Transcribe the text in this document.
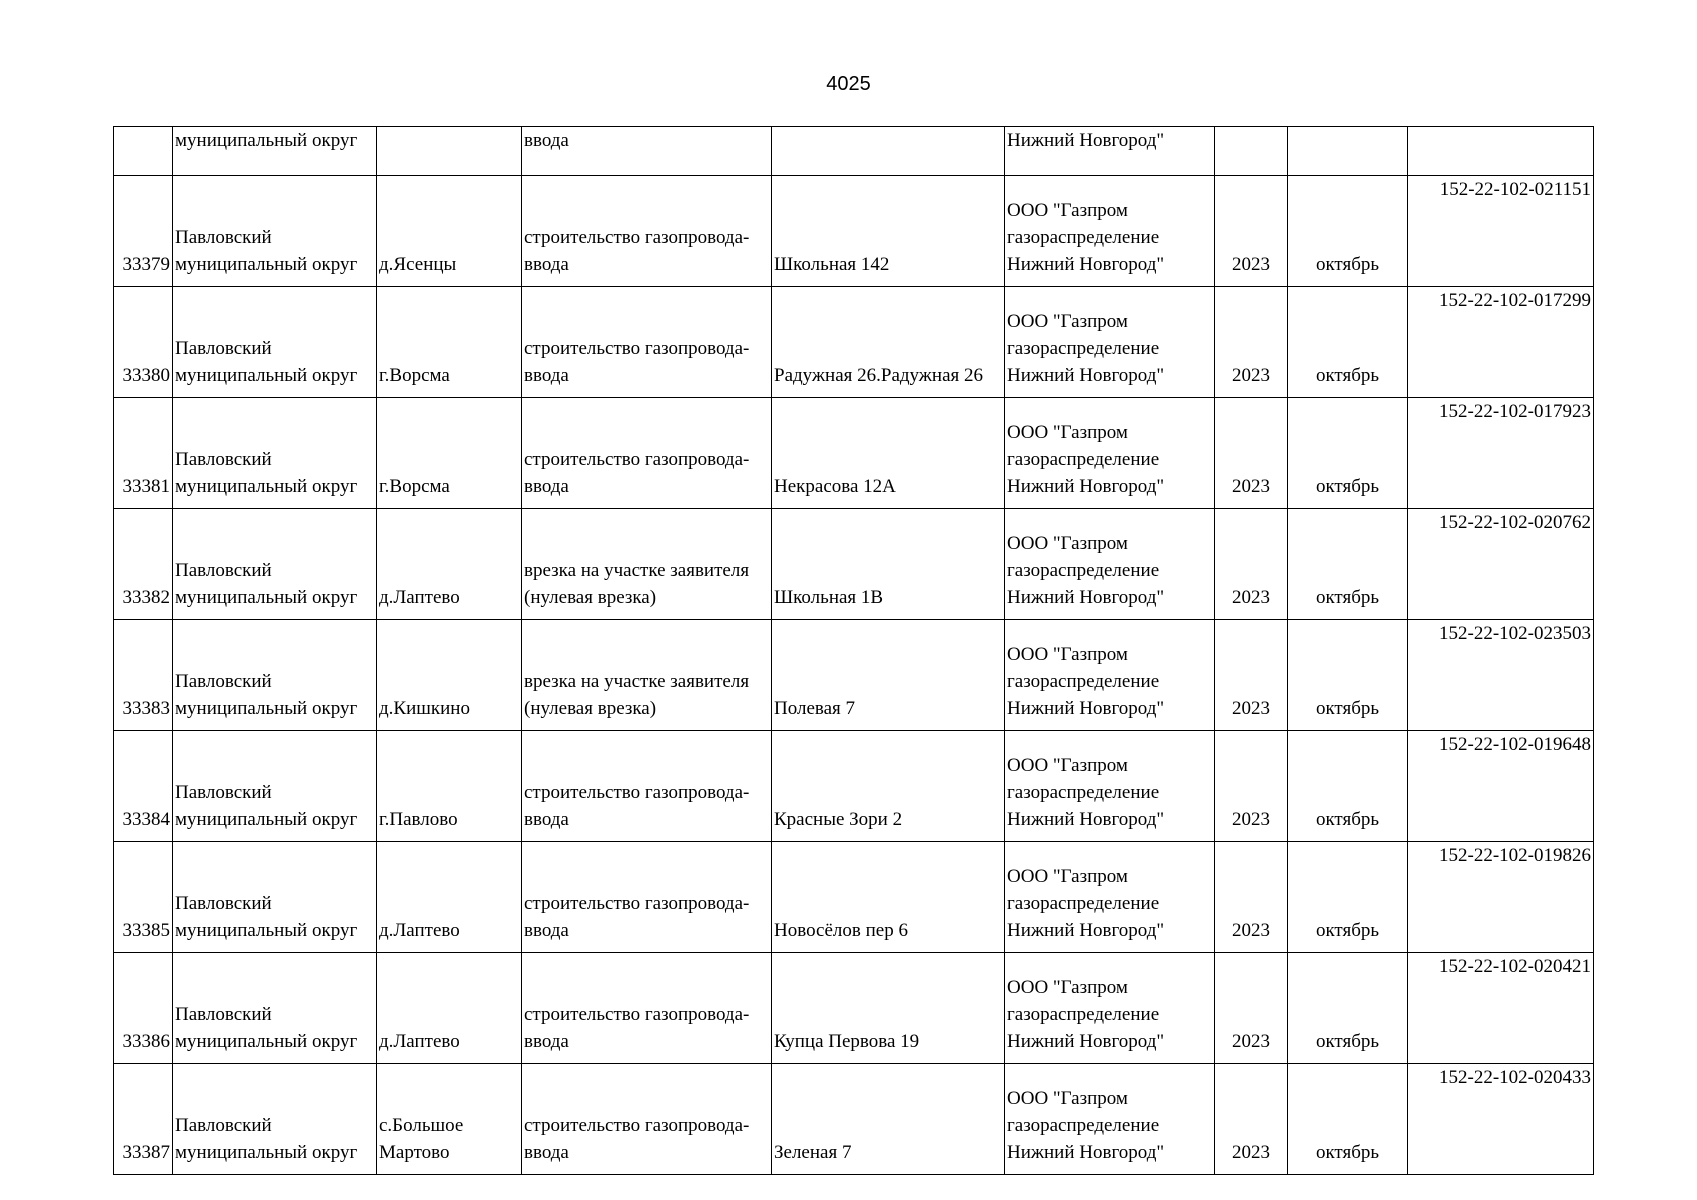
4025
	муниципальный округ		ввода		Нижний Новгород"			
33379	Павловский
муниципальный округ	д.Ясенцы	строительство газопровода-
ввода	Школьная 142	ООО "Газпром
газораспределение
Нижний Новгород"	2023	октябрь	152-22-102-021151
33380	Павловский
муниципальный округ	г.Ворсма	строительство газопровода-
ввода	Радужная 26.Радужная 26	ООО "Газпром
газораспределение
Нижний Новгород"	2023	октябрь	152-22-102-017299
33381	Павловский
муниципальный округ	г.Ворсма	строительство газопровода-
ввода	Некрасова 12А	ООО "Газпром
газораспределение
Нижний Новгород"	2023	октябрь	152-22-102-017923
33382	Павловский
муниципальный округ	д.Лаптево	врезка на участке заявителя
(нулевая врезка)	Школьная 1В	ООО "Газпром
газораспределение
Нижний Новгород"	2023	октябрь	152-22-102-020762
33383	Павловский
муниципальный округ	д.Кишкино	врезка на участке заявителя
(нулевая врезка)	Полевая 7	ООО "Газпром
газораспределение
Нижний Новгород"	2023	октябрь	152-22-102-023503
33384	Павловский
муниципальный округ	г.Павлово	строительство газопровода-
ввода	Красные Зори 2	ООО "Газпром
газораспределение
Нижний Новгород"	2023	октябрь	152-22-102-019648
33385	Павловский
муниципальный округ	д.Лаптево	строительство газопровода-
ввода	Новосёлов пер 6	ООО "Газпром
газораспределение
Нижний Новгород"	2023	октябрь	152-22-102-019826
33386	Павловский
муниципальный округ	д.Лаптево	строительство газопровода-
ввода	Купца Первова 19	ООО "Газпром
газораспределение
Нижний Новгород"	2023	октябрь	152-22-102-020421
33387	Павловский
муниципальный округ	с.Большое
Мартово	строительство газопровода-
ввода	Зеленая 7	ООО "Газпром
газораспределение
Нижний Новгород"	2023	октябрь	152-22-102-020433
